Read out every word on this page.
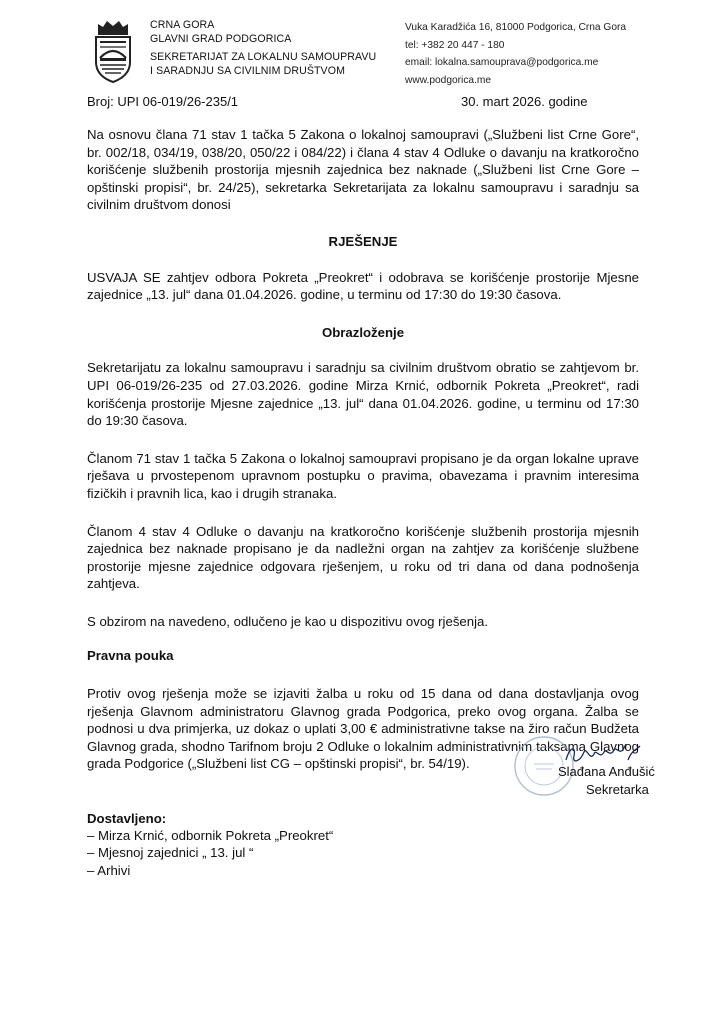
CRNA GORA
GLAVNI GRAD PODGORICA
SEKRETARIJAT ZA LOKALNU SAMOUPRAVU
I SARADNJU SA CIVILNIM DRUŠTVOM
Vuka Karadžića 16, 81000 Podgorica, Crna Gora
tel: +382 20 447 - 180
email: lokalna.samouprava@podgorica.me
www.podgorica.me
Broj: UPI 06-019/26-235/1	30. mart 2026. godine

Na osnovu člana 71 stav 1 tačka 5 Zakona o lokalnoj samoupravi („Službeni list Crne Gore“, br. 002/18, 034/19, 038/20, 050/22 i 084/22) i člana 4 stav 4 Odluke o davanju na kratkoročno korišćenje službenih prostorija mjesnih zajednica bez naknade („Službeni list Crne Gore – opštinski propisi“, br. 24/25), sekretarka Sekretarijata za lokalnu samoupravu i saradnju sa civilnim društvom donosi

RJEŠENJE

USVAJA SE zahtjev odbora Pokreta „Preokret“ i odobrava se korišćenje prostorije Mjesne zajednice „13. jul“ dana 01.04.2026. godine, u terminu od 17:30 do 19:30 časova.

Obrazloženje

Sekretarijatu za lokalnu samoupravu i saradnju sa civilnim društvom obratio se zahtjevom br. UPI 06-019/26-235 od 27.03.2026. godine Mirza Krnić, odbornik Pokreta „Preokret“, radi korišćenja prostorije Mjesne zajednice „13. jul“ dana 01.04.2026. godine, u terminu od 17:30 do 19:30 časova.

Članom 71 stav 1 tačka 5 Zakona o lokalnoj samoupravi propisano je da organ lokalne uprave rješava u prvostepenom upravnom postupku o pravima, obavezama i pravnim interesima fizičkih i pravnih lica, kao i drugih stranaka.

Članom 4 stav 4 Odluke o davanju na kratkoročno korišćenje službenih prostorija mjesnih zajednica bez naknade propisano je da nadležni organ na zahtjev za korišćenje službene prostorije mjesne zajednice odgovara rješenjem, u roku od tri dana od dana podnošenja zahtjeva.

S obzirom na navedeno, odlučeno je kao u dispozitivu ovog rješenja.

Pravna pouka

Protiv ovog rješenja može se izjaviti žalba u roku od 15 dana od dana dostavljanja ovog rješenja Glavnom administratoru Glavnog grada Podgorica, preko ovog organa. Žalba se podnosi u dva primjerka, uz dokaz o uplati 3,00 € administrativne takse na žiro račun Budžeta Glavnog grada, shodno Tarifnom broju 2 Odluke o lokalnim administrativnim taksama Glavnog grada Podgorice („Službeni list CG – opštinski propisi“, br. 54/19).

Slađana Anđušić
Sekretarka
Dostavljeno:
– Mirza Krnić, odbornik Pokreta „Preokret“
– Mjesnoj zajednici „ 13. jul “
– Arhivi
